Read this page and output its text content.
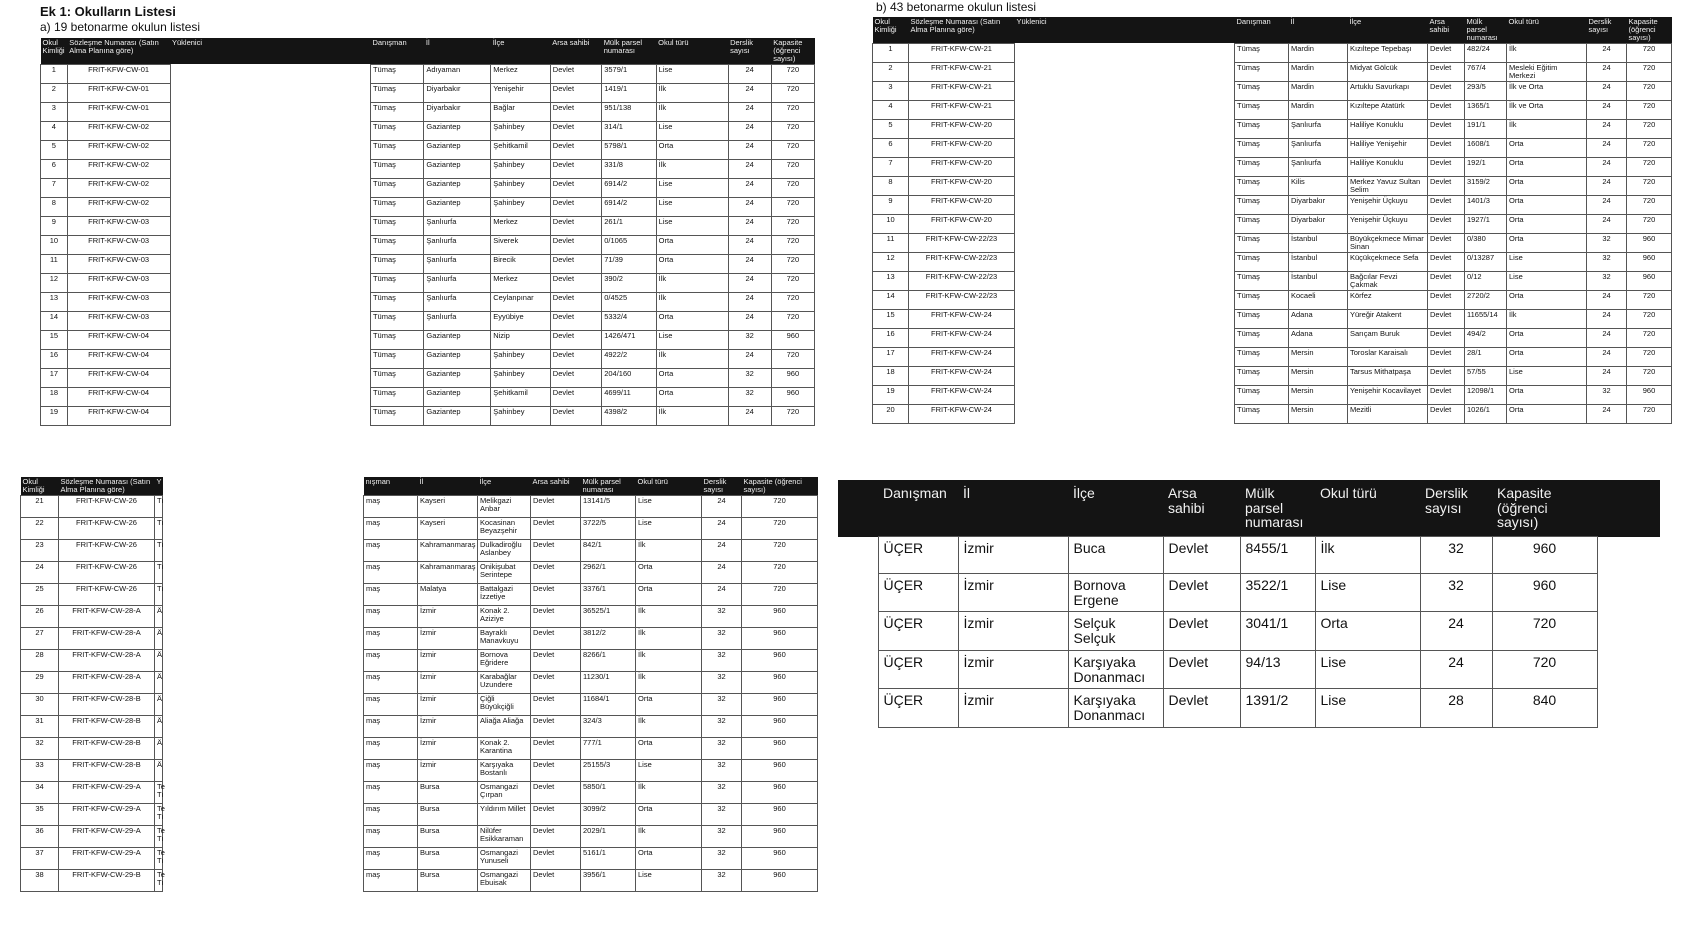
Ek 1: Okulların Listesi
a) 19 betonarme okulun listesi
b) 43 betonarme okulun listesi
Okul Kimliği	Sözleşme Numarası (Satın Alma Planına göre)	Yüklenici	Danışman	İl	İlçe	Arsa sahibi	Mülk parsel numarası	Okul türü	Derslik sayısı	Kapasite (öğrenci sayısı)
1	FRIT-KFW-CW-01		Tümaş	Adıyaman	Merkez	Devlet	3579/1	Lise	24	720
2	FRIT-KFW-CW-01		Tümaş	Diyarbakır	Yenişehir	Devlet	1419/1	İlk	24	720
3	FRIT-KFW-CW-01		Tümaş	Diyarbakır	Bağlar	Devlet	951/138	İlk	24	720
4	FRIT-KFW-CW-02		Tümaş	Gaziantep	Şahinbey	Devlet	314/1	Lise	24	720
5	FRIT-KFW-CW-02		Tümaş	Gaziantep	Şehitkamil	Devlet	5798/1	Orta	24	720
6	FRIT-KFW-CW-02		Tümaş	Gaziantep	Şahinbey	Devlet	331/8	İlk	24	720
7	FRIT-KFW-CW-02		Tümaş	Gaziantep	Şahinbey	Devlet	6914/2	Lise	24	720
8	FRIT-KFW-CW-02		Tümaş	Gaziantep	Şahinbey	Devlet	6914/2	Lise	24	720
9	FRIT-KFW-CW-03		Tümaş	Şanlıurfa	Merkez	Devlet	261/1	Lise	24	720
10	FRIT-KFW-CW-03		Tümaş	Şanlıurfa	Siverek	Devlet	0/1065	Orta	24	720
11	FRIT-KFW-CW-03		Tümaş	Şanlıurfa	Birecik	Devlet	71/39	Orta	24	720
12	FRIT-KFW-CW-03		Tümaş	Şanlıurfa	Merkez	Devlet	390/2	İlk	24	720
13	FRIT-KFW-CW-03		Tümaş	Şanlıurfa	Ceylanpınar	Devlet	0/4525	İlk	24	720
14	FRIT-KFW-CW-03		Tümaş	Şanlıurfa	Eyyübiye	Devlet	5332/4	Orta	24	720
15	FRIT-KFW-CW-04		Tümaş	Gaziantep	Nizip	Devlet	1426/471	Lise	32	960
16	FRIT-KFW-CW-04		Tümaş	Gaziantep	Şahinbey	Devlet	4922/2	İlk	24	720
17	FRIT-KFW-CW-04		Tümaş	Gaziantep	Şahinbey	Devlet	204/160	Orta	32	960
18	FRIT-KFW-CW-04		Tümaş	Gaziantep	Şehitkamil	Devlet	4699/11	Orta	32	960
19	FRIT-KFW-CW-04		Tümaş	Gaziantep	Şahinbey	Devlet	4398/2	İlk	24	720
Okul Kimliği	Sözleşme Numarası (Satın Alma Planına göre)	Yüklenici	Danışman	İl	İlçe	Arsa sahibi	Mülk parsel numarası	Okul türü	Derslik sayısı	Kapasite (öğrenci sayısı)
1	FRIT-KFW-CW-21		Tümaş	Mardin	Kızıltepe Tepebaşı	Devlet	482/24	İlk	24	720
2	FRIT-KFW-CW-21		Tümaş	Mardin	Midyat Gölcük	Devlet	767/4	Mesleki Eğitim Merkezi	24	720
3	FRIT-KFW-CW-21		Tümaş	Mardin	Artuklu Savurkapı	Devlet	293/5	İlk ve Orta	24	720
4	FRIT-KFW-CW-21		Tümaş	Mardin	Kızıltepe Atatürk	Devlet	1365/1	İlk ve Orta	24	720
5	FRIT-KFW-CW-20		Tümaş	Şanlıurfa	Haliliye Konuklu	Devlet	191/1	İlk	24	720
6	FRIT-KFW-CW-20		Tümaş	Şanlıurfa	Haliliye Yenişehir	Devlet	1608/1	Orta	24	720
7	FRIT-KFW-CW-20		Tümaş	Şanlıurfa	Haliliye Konuklu	Devlet	192/1	Orta	24	720
8	FRIT-KFW-CW-20		Tümaş	Kilis	Merkez Yavuz Sultan Selim	Devlet	3159/2	Orta	24	720
9	FRIT-KFW-CW-20		Tümaş	Diyarbakır	Yenişehir Üçkuyu	Devlet	1401/3	Orta	24	720
10	FRIT-KFW-CW-20		Tümaş	Diyarbakır	Yenişehir Üçkuyu	Devlet	1927/1	Orta	24	720
11	FRIT-KFW-CW-22/23		Tümaş	İstanbul	Büyükçekmece Mimar Sinan	Devlet	0/380	Orta	32	960
12	FRIT-KFW-CW-22/23		Tümaş	İstanbul	Küçükçekmece Sefa	Devlet	0/13287	Lise	32	960
13	FRIT-KFW-CW-22/23		Tümaş	İstanbul	Bağcılar Fevzi Çakmak	Devlet	0/12	Lise	32	960
14	FRIT-KFW-CW-22/23		Tümaş	Kocaeli	Körfez	Devlet	2720/2	Orta	24	720
15	FRIT-KFW-CW-24		Tümaş	Adana	Yüreğir Atakent	Devlet	11655/14	İlk	24	720
16	FRIT-KFW-CW-24		Tümaş	Adana	Sarıçam Buruk	Devlet	494/2	Orta	24	720
17	FRIT-KFW-CW-24		Tümaş	Mersin	Toroslar Karaisalı	Devlet	28/1	Orta	24	720
18	FRIT-KFW-CW-24		Tümaş	Mersin	Tarsus Mithatpaşa	Devlet	57/55	Lise	24	720
19	FRIT-KFW-CW-24		Tümaş	Mersin	Yenişehir Kocavilayet	Devlet	12098/1	Orta	32	960
20	FRIT-KFW-CW-24		Tümaş	Mersin	Mezitli	Devlet	1026/1	Orta	24	720
Okul Kimliği	Sözleşme Numarası (Satın Alma Planına göre)	Y		nışman	İl	İlçe	Arsa sahibi	Mülk parsel numarası	Okul türü	Derslik sayısı	Kapasite (öğrenci sayısı)
21	FRIT-KFW-CW-26	Tı		maş	Kayseri	Melikgazi Anbar	Devlet	13141/5	Lise	24	720
22	FRIT-KFW-CW-26	Tı		maş	Kayseri	Kocasinan Beyazşehir	Devlet	3722/5	Lise	24	720
23	FRIT-KFW-CW-26	Tı		maş	Kahramanmaraş	Dulkadiroğlu Aslanbey	Devlet	842/1	İlk	24	720
24	FRIT-KFW-CW-26	Tı		maş	Kahramanmaraş	Onikişubat Serintepe	Devlet	2962/1	Orta	24	720
25	FRIT-KFW-CW-26	Tı		maş	Malatya	Battalgazi İzzetiye	Devlet	3376/1	Orta	24	720
26	FRIT-KFW-CW-28-A	Ä		maş	İzmir	Konak 2. Aziziye	Devlet	36525/1	İlk	32	960
27	FRIT-KFW-CW-28-A	Ä		maş	İzmir	Bayraklı Manavkuyu	Devlet	3812/2	İlk	32	960
28	FRIT-KFW-CW-28-A	Ä		maş	İzmir	Bornova Eğridere	Devlet	8266/1	İlk	32	960
29	FRIT-KFW-CW-28-A	Ä		maş	İzmir	Karabağlar Uzundere	Devlet	11230/1	İlk	32	960
30	FRIT-KFW-CW-28-B	Ä		maş	İzmir	Çiğli Büyükçiğli	Devlet	11684/1	Orta	32	960
31	FRIT-KFW-CW-28-B	Ä		maş	İzmir	Aliağa Aliağa	Devlet	324/3	İlk	32	960
32	FRIT-KFW-CW-28-B	Ä		maş	İzmir	Konak 2. Karantina	Devlet	777/1	Orta	32	960
33	FRIT-KFW-CW-28-B	Ä		maş	İzmir	Karşıyaka Bostanlı	Devlet	25155/3	Lise	32	960
34	FRIT-KFW-CW-29-A	Te Tı		maş	Bursa	Osmangazi Çırpan	Devlet	5850/1	İlk	32	960
35	FRIT-KFW-CW-29-A	Te Tı		maş	Bursa	Yıldırım Millet	Devlet	3099/2	Orta	32	960
36	FRIT-KFW-CW-29-A	Te Tı		maş	Bursa	Nilüfer Esikkaraman	Devlet	2029/1	İlk	32	960
37	FRIT-KFW-CW-29-A	Te Tı		maş	Bursa	Osmangazi Yunuseli	Devlet	5161/1	Orta	32	960
38	FRIT-KFW-CW-29-B	Te Tı		maş	Bursa	Osmangazi Ebuisak	Devlet	3956/1	Lise	32	960
	Danışman	İl	İlçe	Arsa sahibi	Mülk parsel numarası	Okul türü	Derslik sayısı	Kapasite (öğrenci sayısı)	
	ÜÇER	İzmir	Buca	Devlet	8455/1	İlk	32	960	
	ÜÇER	İzmir	Bornova Ergene	Devlet	3522/1	Lise	32	960	
	ÜÇER	İzmir	Selçuk Selçuk	Devlet	3041/1	Orta	24	720	
	ÜÇER	İzmir	Karşıyaka Donanmacı	Devlet	94/13	Lise	24	720	
	ÜÇER	İzmir	Karşıyaka Donanmacı	Devlet	1391/2	Lise	28	840	
